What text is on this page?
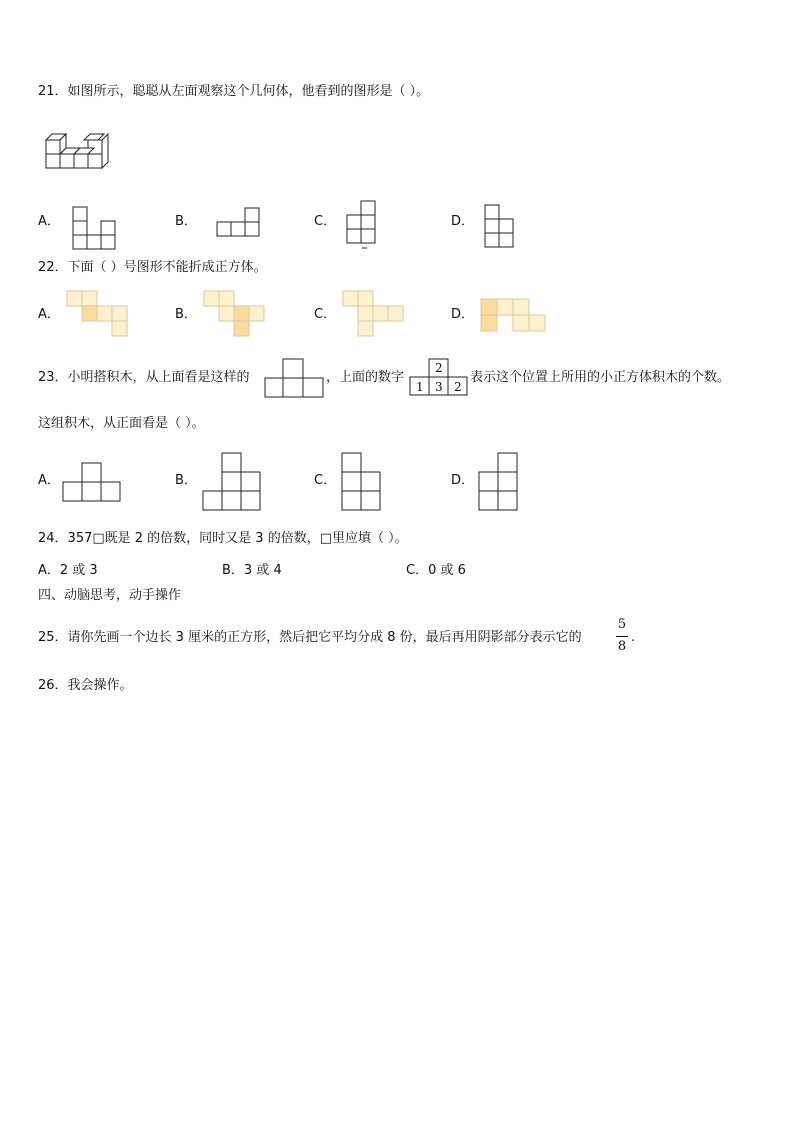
21．如图所示，聪聪从左面观察这个几何体，他看到的图形是（ ）。
A．	B．	C．	D．
22．下面（ ）号图形不能折成正方体。
A．	B．	C．	D．
23．小明搭积木，从上面看是这样的	，上面的数字
2
1 3 2
表示这个位置上所用的小正方体积木的个数。
这组积木，从正面看是（ ）。
A．	B．	C．	D．
24．357□既是 2 的倍数，同时又是 3 的倍数，□里应填（ ）。
A．2 或 3	B．3 或 4	C．0 或 6
四、动脑思考，动手操作
25．请你先画一个边长 3 厘米的正方形，然后把它平均分成 8 份，最后再用阴影部分表示它的
5
8
.
26．我会操作。
